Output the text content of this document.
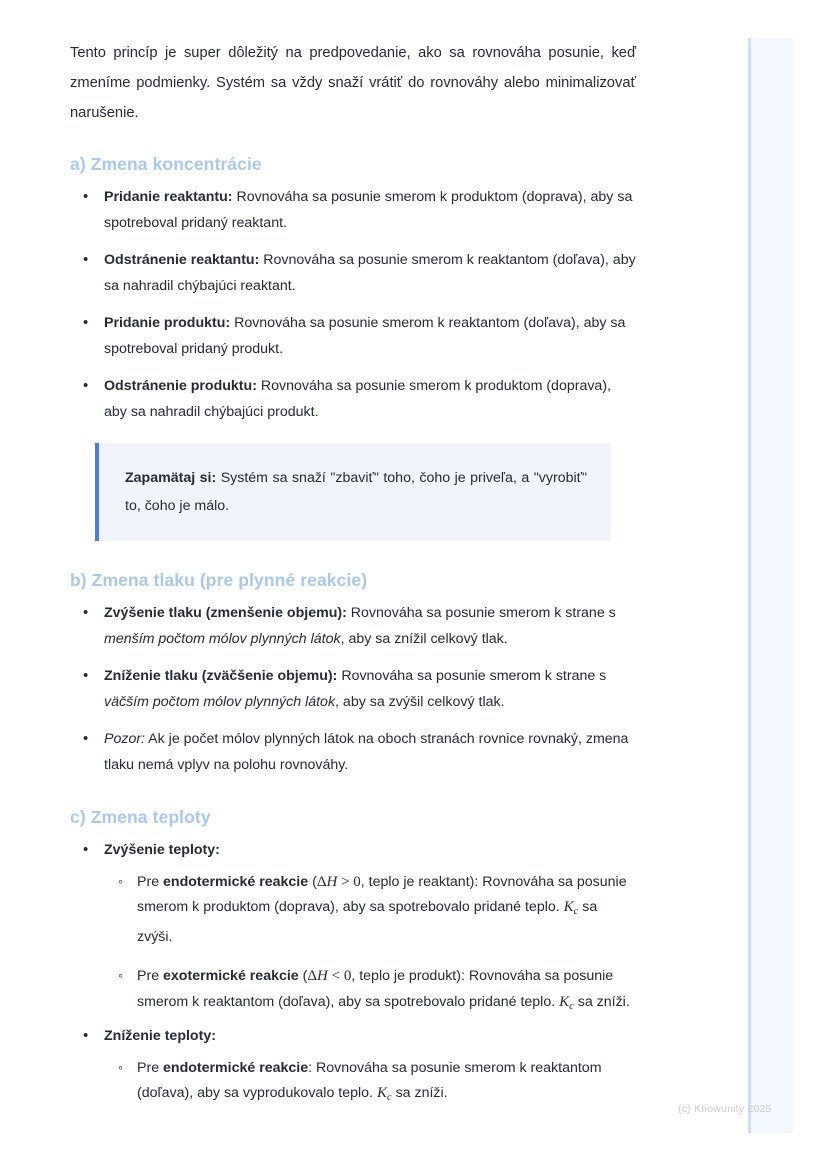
Tento princíp je super dôležitý na predpovedanie, ako sa rovnováha posunie, keď zmeníme podmienky. Systém sa vždy snaží vrátiť do rovnováhy alebo minimalizovať narušenie.

a) Zmena koncentrácie
• Pridanie reaktantu: Rovnováha sa posunie smerom k produktom (doprava), aby sa spotreboval pridaný reaktant.
• Odstránenie reaktantu: Rovnováha sa posunie smerom k reaktantom (doľava), aby sa nahradil chýbajúci reaktant.
• Pridanie produktu: Rovnováha sa posunie smerom k reaktantom (doľava), aby sa spotreboval pridaný produkt.
• Odstránenie produktu: Rovnováha sa posunie smerom k produktom (doprava), aby sa nahradil chýbajúci produkt.

Zapamätaj si: Systém sa snaží "zbaviť" toho, čoho je priveľa, a "vyrobiť" to, čoho je málo.

b) Zmena tlaku (pre plynné reakcie)
• Zvýšenie tlaku (zmenšenie objemu): Rovnováha sa posunie smerom k strane s menším počtom mólov plynných látok, aby sa znížil celkový tlak.
• Zníženie tlaku (zväčšenie objemu): Rovnováha sa posunie smerom k strane s väčším počtom mólov plynných látok, aby sa zvýšil celkový tlak.
• Pozor: Ak je počet mólov plynných látok na oboch stranách rovnice rovnaký, zmena tlaku nemá vplyv na polohu rovnováhy.
c) Zmena teploty
• Zvýšenie teploty:
◦ Pre endotermické reakcie (ΔH > 0, teplo je reaktant): Rovnováha sa posunie smerom k produktom (doprava), aby sa spotrebovalo pridané teplo. $K_c$ sa zvýši.
◦ Pre exotermické reakcie (ΔH < 0, teplo je produkt): Rovnováha sa posunie smerom k reaktantom (doľava), aby sa spotrebovalo pridané teplo. $K_c$ sa zníži.
• Zníženie teploty:
◦ Pre endotermické reakcie: Rovnováha sa posunie smerom k reaktantom (doľava), aby sa vyprodukovalo teplo. $K_c$ sa zníži.
(c) Knowunity 2025
